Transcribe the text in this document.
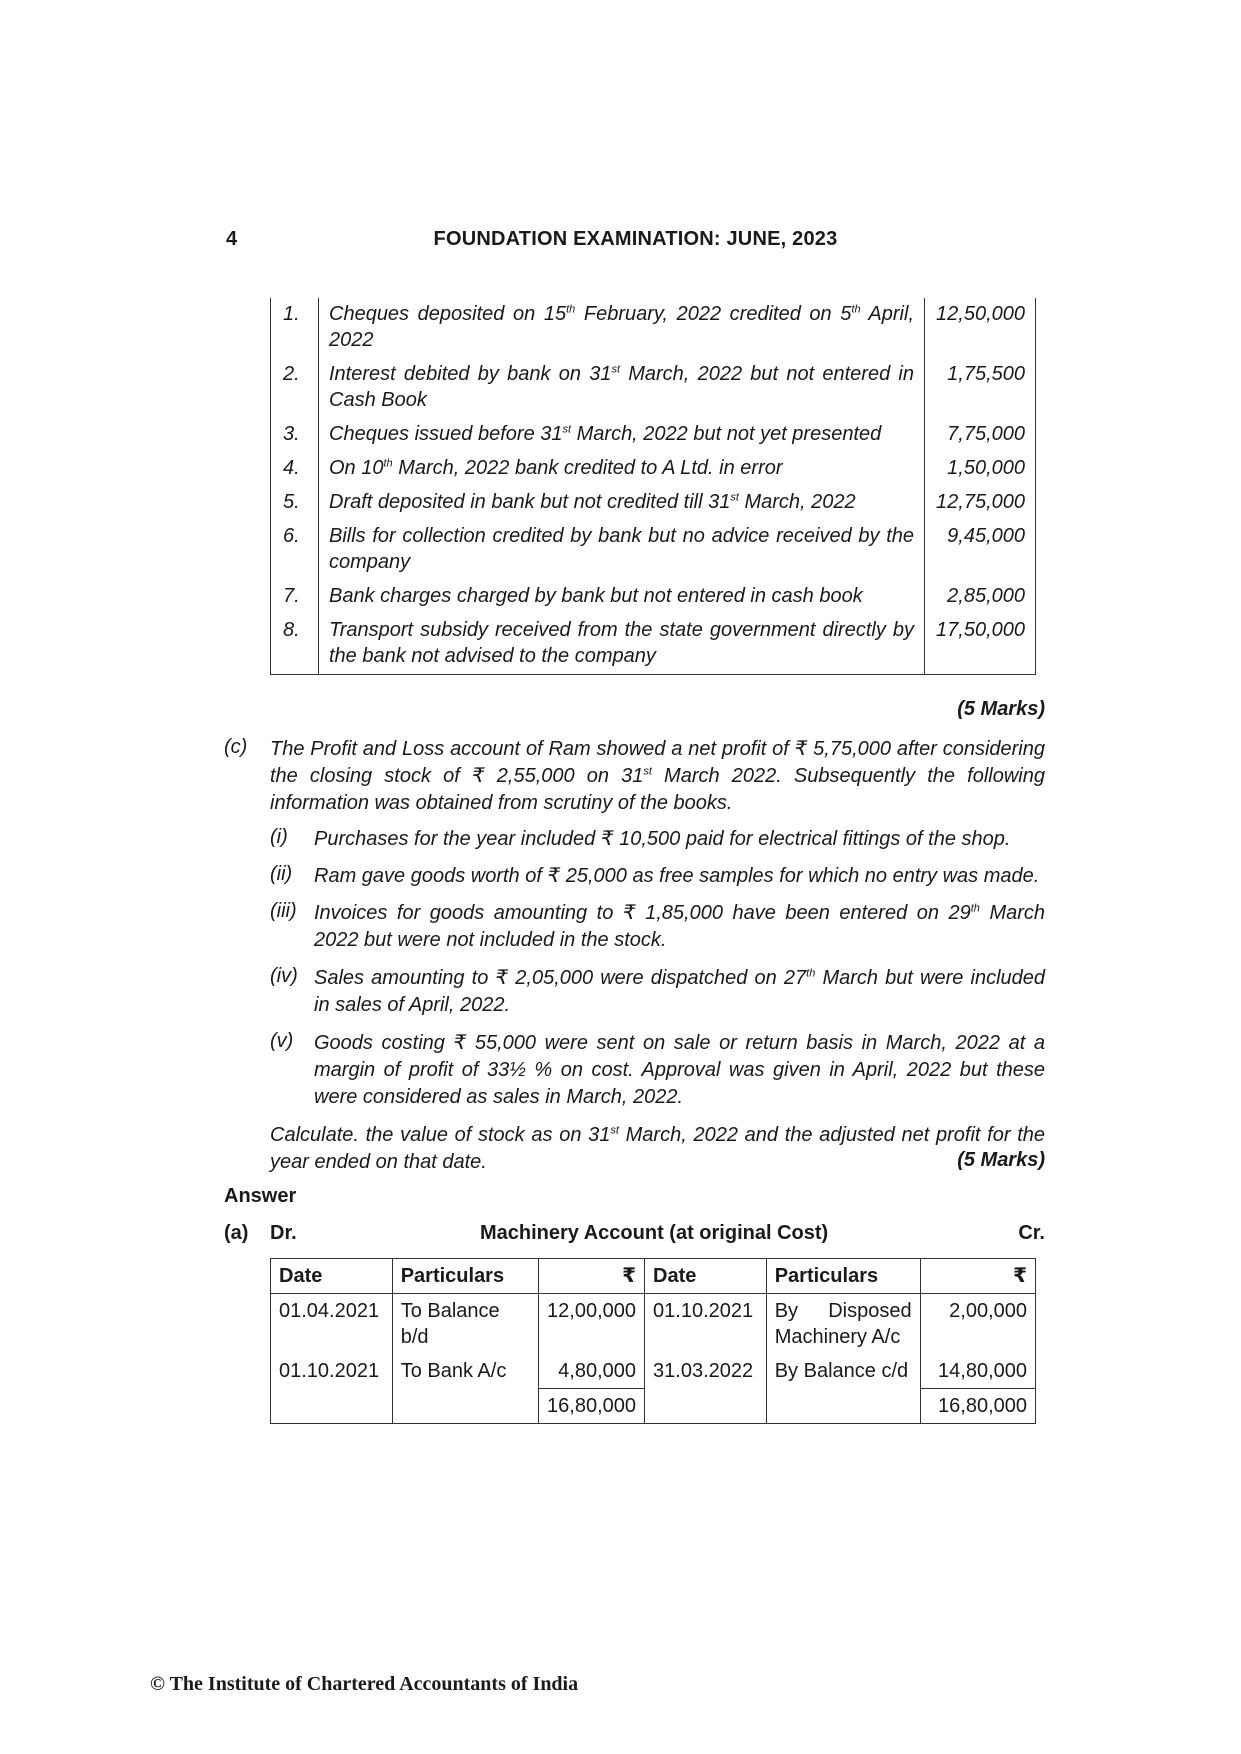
4	FOUNDATION EXAMINATION: JUNE, 2023
1.	Cheques deposited on 15th February, 2022 credited on 5th April, 2022	12,50,000
2.	Interest debited by bank on 31st March, 2022 but not entered in Cash Book	1,75,500
3.	Cheques issued before 31st March, 2022 but not yet presented	7,75,000
4.	On 10th March, 2022 bank credited to A Ltd. in error	1,50,000
5.	Draft deposited in bank but not credited till 31st March, 2022	12,75,000
6.	Bills for collection credited by bank but no advice received by the company	9,45,000
7.	Bank charges charged by bank but not entered in cash book	2,85,000
8.	Transport subsidy received from the state government directly by the bank not advised to the company	17,50,000
(5 Marks)
(c) The Profit and Loss account of Ram showed a net profit of ₹ 5,75,000 after considering the closing stock of ₹ 2,55,000 on 31st March 2022. Subsequently the following information was obtained from scrutiny of the books.
(i) Purchases for the year included ₹ 10,500 paid for electrical fittings of the shop.
(ii) Ram gave goods worth of ₹ 25,000 as free samples for which no entry was made.
(iii) Invoices for goods amounting to ₹ 1,85,000 have been entered on 29th March 2022 but were not included in the stock.
(iv) Sales amounting to ₹ 2,05,000 were dispatched on 27th March but were included in sales of April, 2022.
(v) Goods costing ₹ 55,000 were sent on sale or return basis in March, 2022 at a margin of profit of 33½ % on cost. Approval was given in April, 2022 but these were considered as sales in March, 2022.
Calculate. the value of stock as on 31st March, 2022 and the adjusted net profit for the year ended on that date.	(5 Marks)
Answer
(a) Dr.	Machinery Account (at original Cost)	Cr.
Date	Particulars	₹	Date	Particulars	₹
01.04.2021	To Balance b/d	12,00,000	01.10.2021	By Disposed Machinery A/c	2,00,000
01.10.2021	To Bank A/c	4,80,000	31.03.2022	By Balance c/d	14,80,000
		16,80,000			16,80,000
© The Institute of Chartered Accountants of India
